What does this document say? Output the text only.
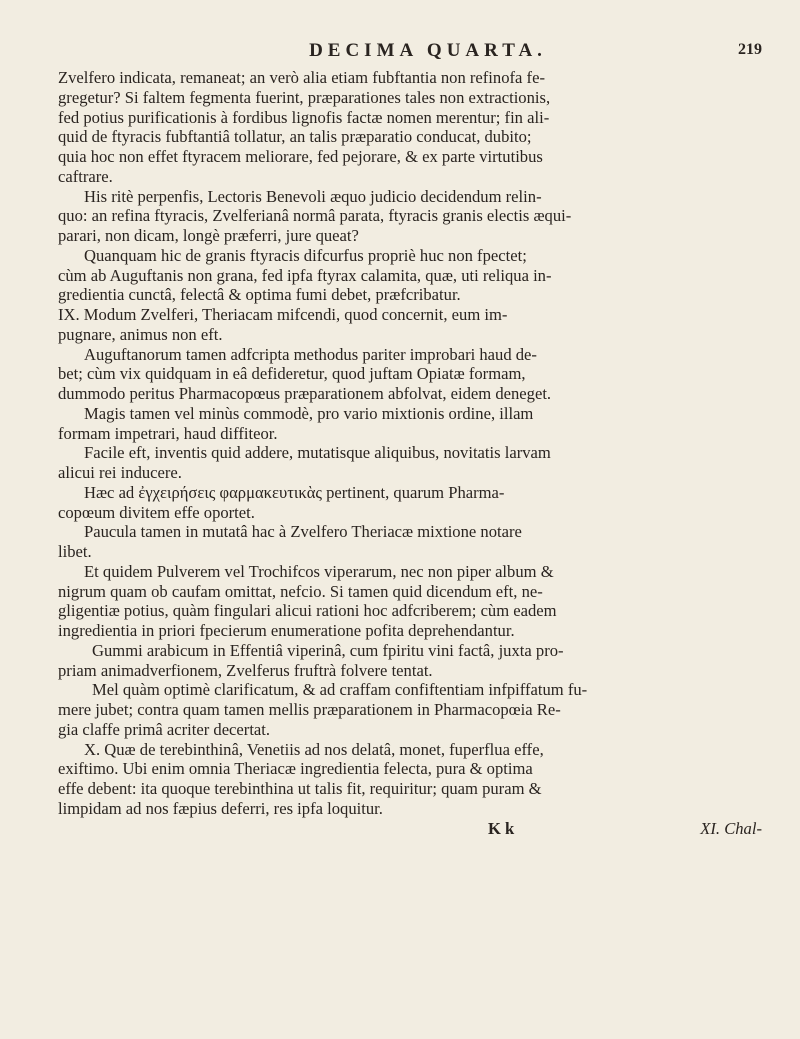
DECIMA QUARTA.	219

Zvelfero indicata, remaneat; an verò alia etiam fubftantia non refinofa fe-

gregetur? Si faltem fegmenta fuerint, præparationes tales non extractionis,

fed potius purificationis à fordibus lignofis factæ nomen merentur; fin ali-

quid de ftyracis fubftantiâ tollatur, an talis præparatio conducat, dubito;

quia hoc non effet ftyracem meliorare, fed pejorare, & ex parte virtutibus

caftrare.

His ritè perpenfis, Lectoris Benevoli æquo judicio decidendum relin-

quo: an refina ftyracis, Zvelferianâ normâ parata, ftyracis granis electis æqui-

parari, non dicam, longè præferri, jure queat?

Quanquam hic de granis ftyracis difcurfus propriè huc non fpectet;

cùm ab Auguftanis non grana, fed ipfa ftyrax calamita, quæ, uti reliqua in-

gredientia cunctâ, felectâ & optima fumi debet, præfcribatur.

IX. Modum Zvelferi, Theriacam mifcendi, quod concernit, eum im-

pugnare, animus non eft.

Auguftanorum tamen adfcripta methodus pariter improbari haud de-

bet; cùm vix quidquam in eâ defideretur, quod juftam Opiatæ formam,

dummodo peritus Pharmacopœus præparationem abfolvat, eidem deneget.

Magis tamen vel minùs commodè, pro vario mixtionis ordine, illam

formam impetrari, haud diffiteor.

Facile eft, inventis quid addere, mutatisque aliquibus, novitatis larvam

alicui rei inducere.

Hæc ad ἐγχειρήσεις φαρμακευτικὰς pertinent, quarum Pharma-

copœum divitem effe oportet.

Paucula tamen in mutatâ hac à Zvelfero Theriacæ mixtione notare

libet.

Et quidem Pulverem vel Trochifcos viperarum, nec non piper album &

nigrum quam ob caufam omittat, nefcio. Si tamen quid dicendum eft, ne-

gligentiæ potius, quàm fingulari alicui rationi hoc adfcriberem; cùm eadem

ingredientia in priori fpecierum enumeratione pofita deprehendantur.

Gummi arabicum in Effentiâ viperinâ, cum fpiritu vini factâ, juxta pro-

priam animadverfionem, Zvelferus fruftrà folvere tentat.

Mel quàm optimè clarificatum, & ad craffam confiftentiam infpiffatum fu-

mere jubet; contra quam tamen mellis præparationem in Pharmacopœia Re-

gia claffe primâ acriter decertat.

X. Quæ de terebinthinâ, Venetiis ad nos delatâ, monet, fuperflua effe,

exiftimo. Ubi enim omnia Theriacæ ingredientia felecta, pura & optima

effe debent: ita quoque terebinthina ut talis fit, requiritur; quam puram &

limpidam ad nos fæpius deferri, res ipfa loquitur.

K k	XI. Chal-
